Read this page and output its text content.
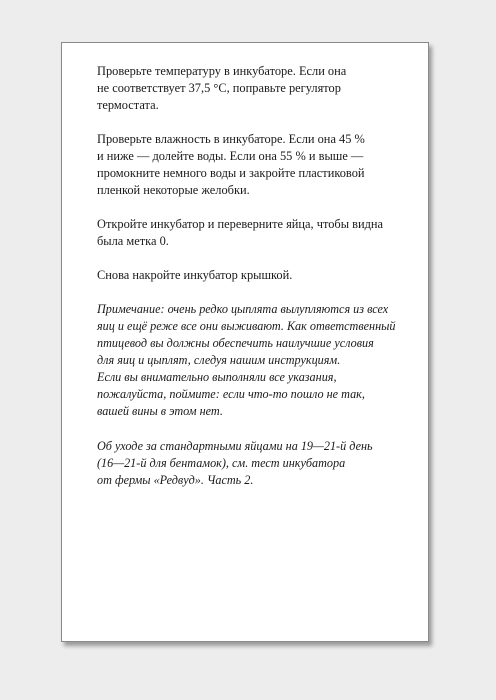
Проверьте температуру в инкубаторе. Если она
не соответствует 37,5 °C, поправьте регулятор
термостата.

Проверьте влажность в инкубаторе. Если она 45 %
и ниже — долейте воды. Если она 55 % и выше —
промокните немного воды и закройте пластиковой
пленкой некоторые желобки.

Откройте инкубатор и переверните яйца, чтобы видна
была метка 0.

Снова накройте инкубатор крышкой.

Примечание: очень редко цыплята вылупляются из всех
яиц и ещё реже все они выживают. Как ответственный
птицевод вы должны обеспечить наилучшие условия
для яиц и цыплят, следуя нашим инструкциям.
Если вы внимательно выполняли все указания,
пожалуйста, поймите: если что-то пошло не так,
вашей вины в этом нет.

Об уходе за стандартными яйцами на 19—21-й день
(16—21-й для бентамок), см. тест инкубатора
от фермы «Редвуд». Часть 2.
